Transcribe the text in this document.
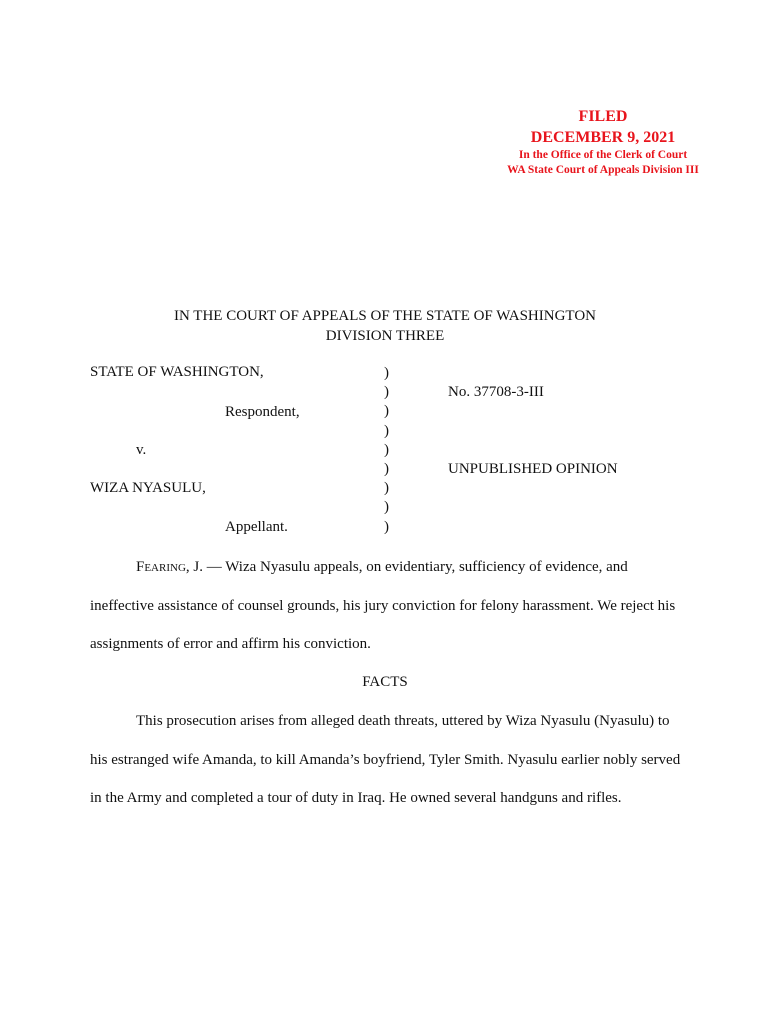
FILED
DECEMBER 9, 2021
In the Office of the Clerk of Court
WA State Court of Appeals Division III
IN THE COURT OF APPEALS OF THE STATE OF WASHINGTON
DIVISION THREE
STATE OF WASHINGTON,
Respondent,
v.
WIZA NYASULU,
Appellant.
)
)
)
)
)
)
)
)
)
No. 37708-3-III
UNPUBLISHED OPINION
Fearing, J. — Wiza Nyasulu appeals, on evidentiary, sufficiency of evidence, and ineffective assistance of counsel grounds, his jury conviction for felony harassment. We reject his assignments of error and affirm his conviction.
FACTS
This prosecution arises from alleged death threats, uttered by Wiza Nyasulu (Nyasulu) to his estranged wife Amanda, to kill Amanda’s boyfriend, Tyler Smith. Nyasulu earlier nobly served in the Army and completed a tour of duty in Iraq. He owned several handguns and rifles.
